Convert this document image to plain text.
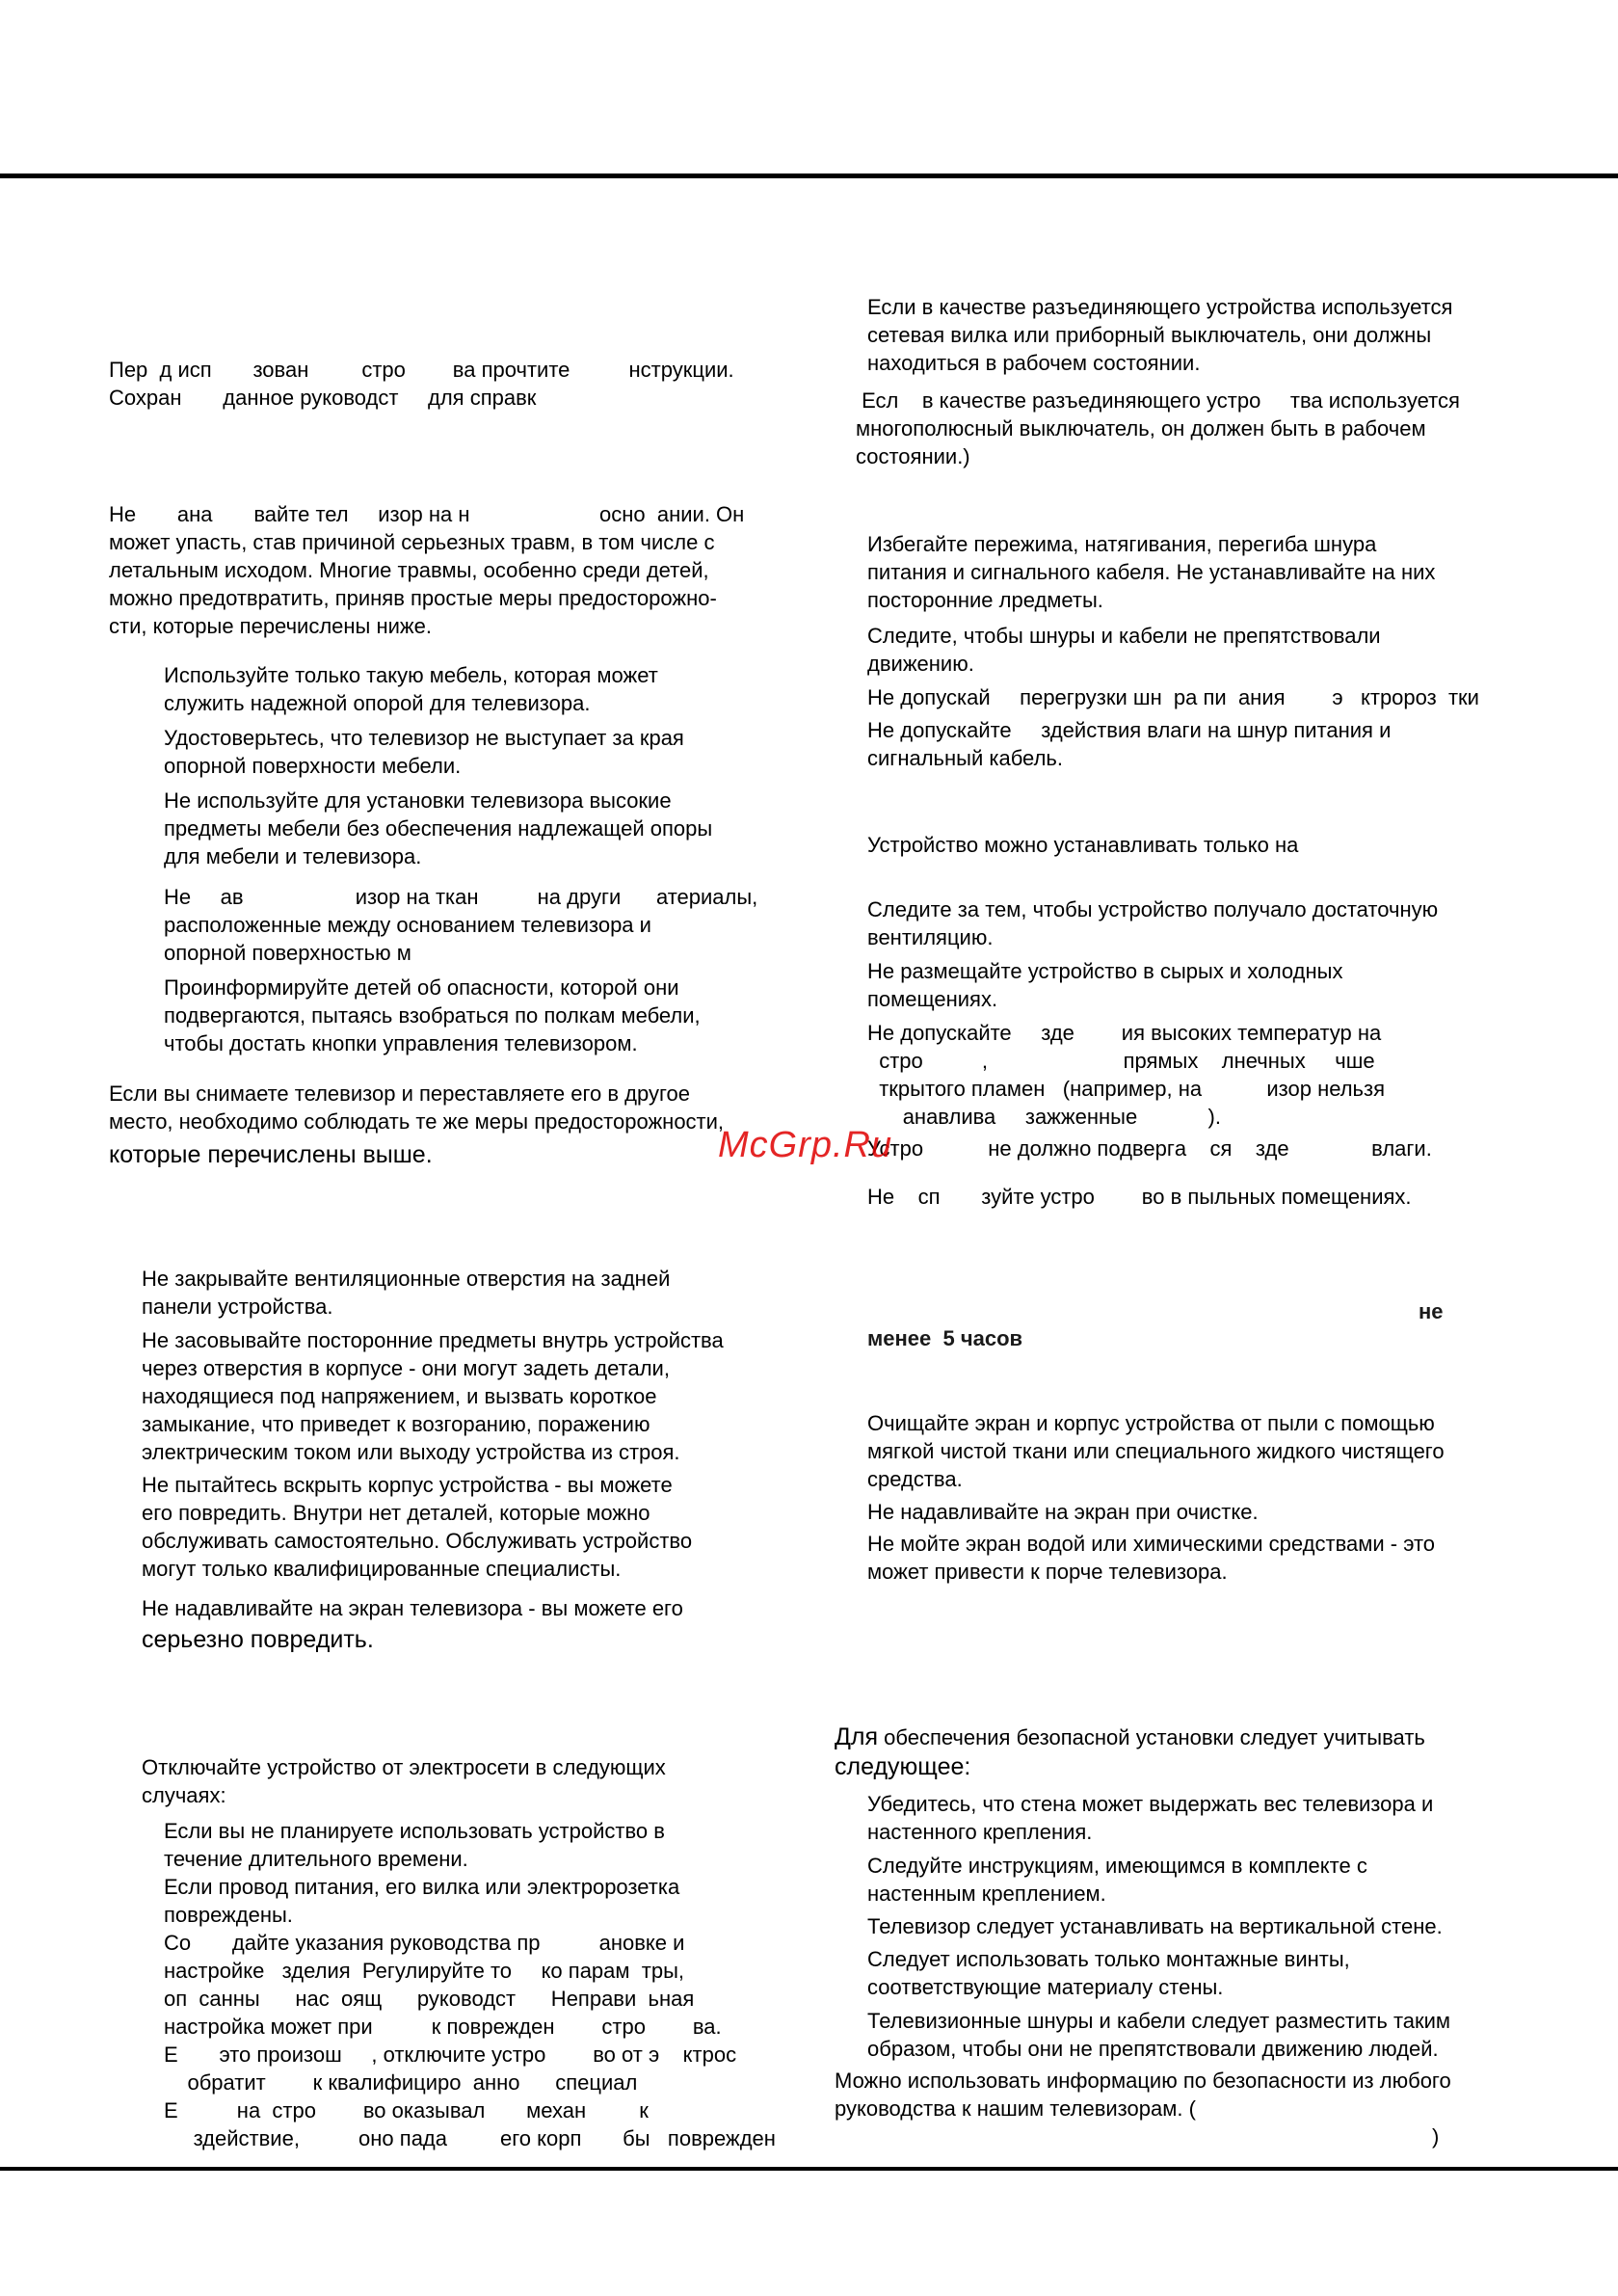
Пер  д исп       зован         стро        ва прочтите          нструкции.
Сохран       данное руководст     для справк

Не       ана       вайте тел     изор на н                      осно  ании. Он
может упасть, став причиной серьезных травм, в том числе с
летальным исходом. Многие травмы, особенно среди детей,
можно предотвратить, приняв простые меры предосторожно-
сти, которые перечислены ниже.

Используйте только такую мебель, которая может
служить надежной опорой для телевизора.

Удостоверьтесь, что телевизор не выступает за края
опорной поверхности мебели.

Не используйте для установки телевизора высокие
предметы мебели без обеспечения надлежащей опоры
для мебели и телевизора.

Не     ав                   изор на ткан          на други      атериалы,
расположенные между основанием телевизора и
опорной поверхностью м

Проинформируйте детей об опасности, которой они
подвергаются, пытаясь взобраться по полкам мебели,
чтобы достать кнопки управления телевизором.

Если вы снимаете телевизор и переставляете его в другое
место, необходимо соблюдать те же меры предосторожности,

которые перечислены выше.

Не закрывайте вентиляционные отверстия на задней
панели устройства.

Не засовывайте посторонние предметы внутрь устройства
через отверстия в корпусе - они могут задеть детали,
находящиеся под напряжением, и вызвать короткое
замыкание, что приведет к возгоранию, поражению
электрическим током или выходу устройства из строя.

Не пытайтесь вскрыть корпус устройства - вы можете
его повредить. Внутри нет деталей, которые можно
обслуживать самостоятельно. Обслуживать устройство
могут только квалифицированные специалисты.

Не надавливайте на экран телевизора - вы можете его

серьезно повредить.

Отключайте устройство от электросети в следующих
случаях:

Если вы не планируете использовать устройство в
течение длительного времени.

Если провод питания, его вилка или электророзетка
повреждены.

Со       дайте указания руководства пр          ановке и
настройке   зделия  Регулируйте то     ко парам  тры,
оп  санны      нас  оящ      руководст      Неправи  ьная
настройка может при          к поврежден        стро        ва.

Е       это произош     , отключите устро        во от э    ктрос
обратит        к квалифициро  анно      специал

Е          на  стро        во оказывал       механ         к
здействие,          оно пада         его корп       бы   поврежден

Если в качестве разъединяющего устройства используется
сетевая вилка или приборный выключатель, они должны
находиться в рабочем состоянии.

Есл    в качестве разъединяющего устро     тва используется
многополюсный выключатель, он должен быть в рабочем
состоянии.)

Избегайте пережима, натягивания, перегиба шнура
питания и сигнального кабеля. Не устанавливайте на них
посторонние лредметы.

Следите, чтобы шнуры и кабели не препятствовали
движению.

Не допускай     перегрузки шн  ра пи  ания        э   ктророз  тки

Не допускайте     здействия влаги на шнур питания и
сигнальный кабель.

Устройство можно устанавливать только на

Следите за тем, чтобы устройство получало достаточную
вентиляцию.

Не размещайте устройство в сырых и холодных
помещениях.

Не допускайте     зде        ия высоких температур на
стро          ,                       прямых    лнечных     чше
ткрытого пламен   (например, на           изор нельзя
анавлива     зажженные            ).

Устро           не должно подвергa    ся    зде              влаги.

Не    сп       зуйте устро        во в пыльных помещениях.

не

менее  5 часов

Очищайте экран и корпус устройства от пыли с помощью
мягкой чистой ткани или специального жидкого чистящего
средства.

Не надавливайте на экран при очистке.

Не мойте экран водой или химическими средствами - это
может привести к порче телевизора.

Для обеспечения безопасной установки следует учитывать

следующее:

Убедитесь, что стена может выдержать вес телевизора и
настенного крепления.

Следуйте инструкциям, имеющимся в комплекте с
настенным креплением.

Телевизор следует устанавливать на вертикальной стене.

Следует использовать только монтажные винты,
соответствующие материалу стены.

Телевизионные шнуры и кабели следует разместить таким
образом, чтобы они не препятствовали движению людей.

Можно использовать информацию по безопасности из любого
руководства к нашим телевизорам. (

)

McGrp.Ru
